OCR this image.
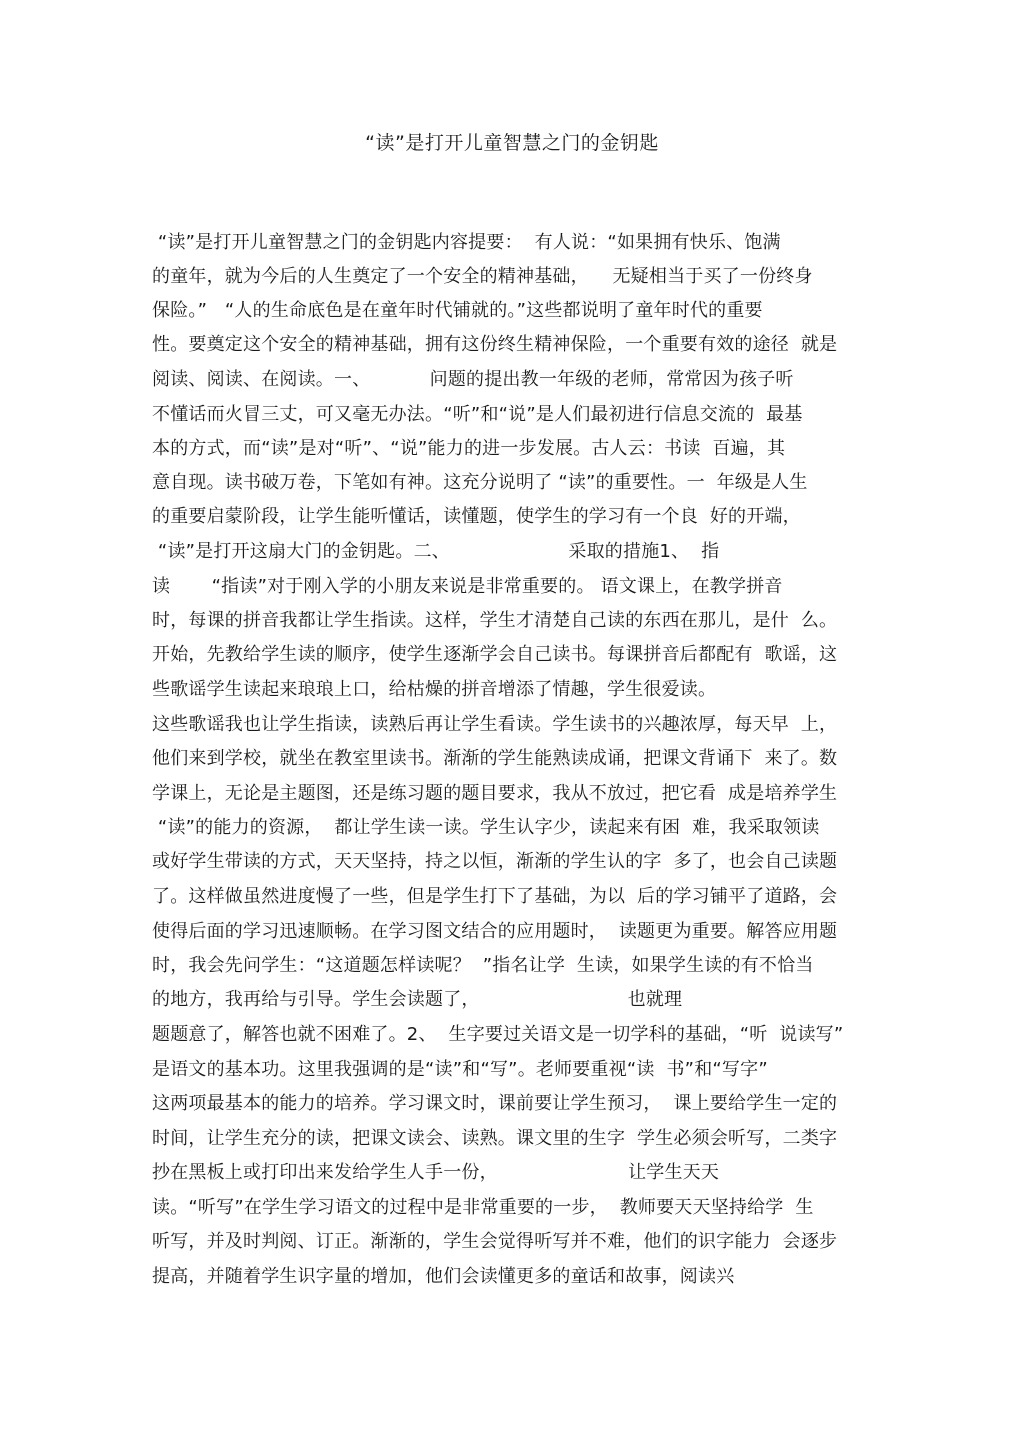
“读”是打开儿童智慧之门的金钥匙
“读”是打开儿童智慧之门的金钥匙内容提要：  有人说：“如果拥有快乐、饱满
的童年，就为今后的人生奠定了一个安全的精神基础，    无疑相当于买了一份终身
保险。”   “人的生命底色是在童年时代铺就的。”这些都说明了童年时代的重要
性。要奠定这个安全的精神基础，拥有这份终生精神保险，一个重要有效的途径  就是
阅读、阅读、在阅读。一、          问题的提出教一年级的老师，常常因为孩子听
不懂话而火冒三丈，可又毫无办法。“听”和“说”是人们最初进行信息交流的  最基
本的方式，而“读”是对“听”、“说”能力的进一步发展。古人云：书读  百遍，其
意自现。读书破万卷，下笔如有神。这充分说明了 “读”的重要性。一  年级是人生
的重要启蒙阶段，让学生能听懂话，读懂题，使学生的学习有一个良  好的开端，
“读”是打开这扇大门的金钥匙。二、                    采取的措施1、  指
读       “指读”对于刚入学的小朋友来说是非常重要的。 语文课上，在教学拼音
时，每课的拼音我都让学生指读。这样，学生才清楚自己读的东西在那儿，是什  么。
开始，先教给学生读的顺序，使学生逐渐学会自己读书。每课拼音后都配有  歌谣，这
些歌谣学生读起来琅琅上口，给枯燥的拼音增添了情趣，学生很爱读。
这些歌谣我也让学生指读，读熟后再让学生看读。学生读书的兴趣浓厚，每天早  上，
他们来到学校，就坐在教室里读书。渐渐的学生能熟读成诵，把课文背诵下  来了。数
学课上，无论是主题图，还是练习题的题目要求，我从不放过，把它看  成是培养学生
“读”的能力的资源，  都让学生读一读。学生认字少，读起来有困  难，我采取领读
或好学生带读的方式，天天坚持，持之以恒，渐渐的学生认的字  多了，也会自己读题
了。这样做虽然进度慢了一些，但是学生打下了基础，为以  后的学习铺平了道路，会
使得后面的学习迅速顺畅。在学习图文结合的应用题时，  读题更为重要。解答应用题
时，我会先问学生：“这道题怎样读呢？  ”指名让学  生读，如果学生读的有不恰当
的地方，我再给与引导。学生会读题了，                         也就理
题题意了，解答也就不困难了。2、  生字要过关语文是一切学科的基础，“听  说读写”
是语文的基本功。这里我强调的是“读”和“写”。老师要重视“读  书”和“写字”
这两项最基本的能力的培养。学习课文时，课前要让学生预习，  课上要给学生一定的
时间，让学生充分的读，把课文读会、读熟。课文里的生字  学生必须会听写，二类字
抄在黑板上或打印出来发给学生人手一份，                      让学生天天
读。“听写”在学生学习语文的过程中是非常重要的一步，  教师要天天坚持给学  生
听写，并及时判阅、订正。渐渐的，学生会觉得听写并不难，他们的识字能力  会逐步
提高，并随着学生识字量的增加，他们会读懂更多的童话和故事，阅读兴
